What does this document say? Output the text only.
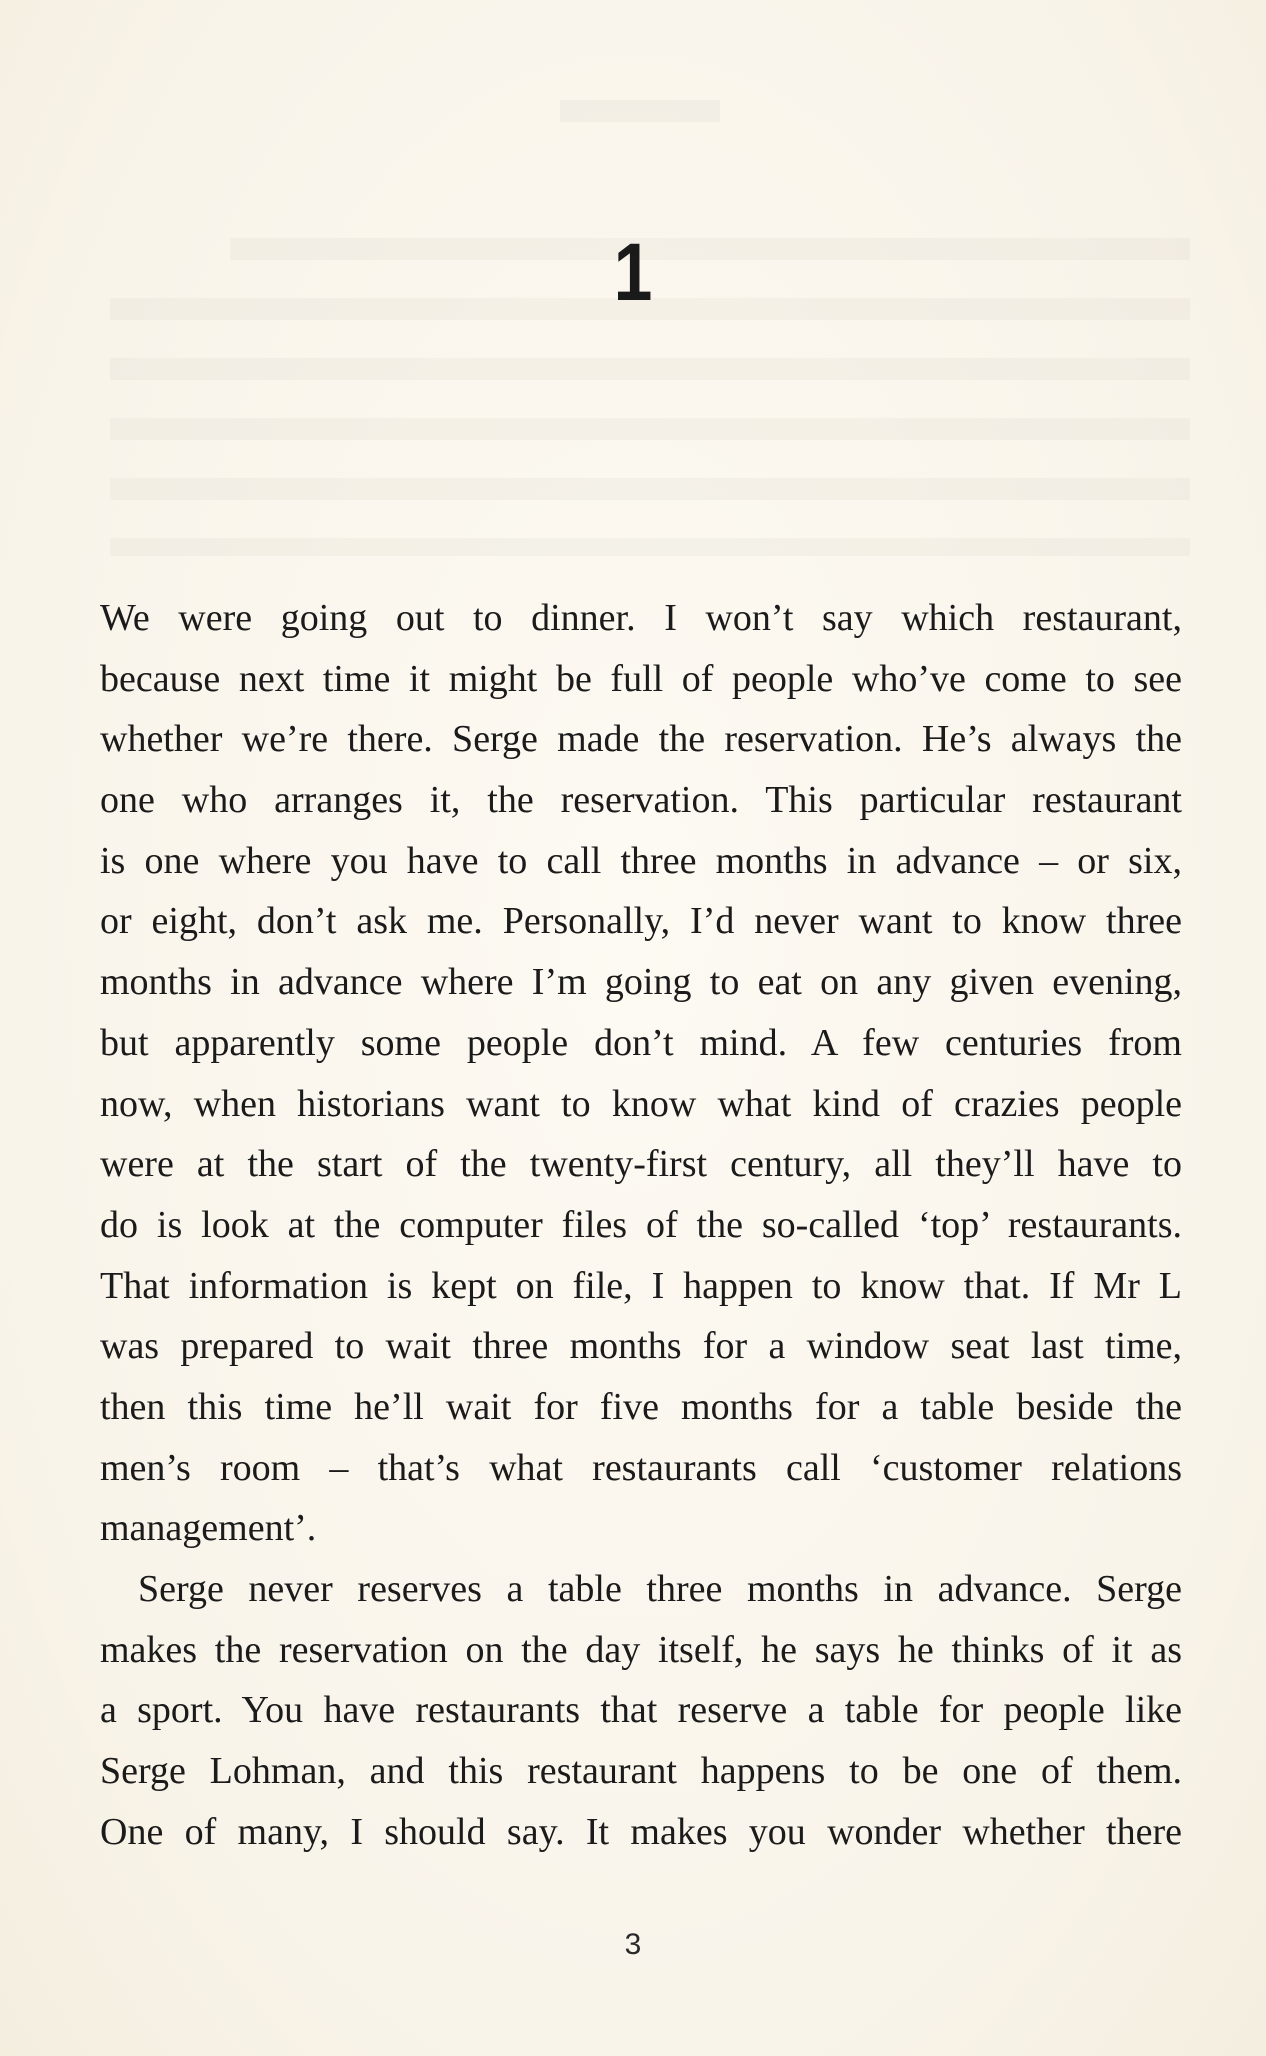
1

We were going out to dinner. I won’t say which restaurant,
because next time it might be full of people who’ve come to see
whether we’re there. Serge made the reservation. He’s always the
one who arranges it, the reservation. This particular restaurant
is one where you have to call three months in advance – or six,
or eight, don’t ask me. Personally, I’d never want to know three
months in advance where I’m going to eat on any given evening,
but apparently some people don’t mind. A few centuries from
now, when historians want to know what kind of crazies people
were at the start of the twenty-first century, all they’ll have to
do is look at the computer files of the so-called ‘top’ restaurants.
That information is kept on file, I happen to know that. If Mr L
was prepared to wait three months for a window seat last time,
then this time he’ll wait for five months for a table beside the
men’s room – that’s what restaurants call ‘customer relations
management’.

Serge never reserves a table three months in advance. Serge
makes the reservation on the day itself, he says he thinks of it as
a sport. You have restaurants that reserve a table for people like
Serge Lohman, and this restaurant happens to be one of them.
One of many, I should say. It makes you wonder whether there

3
